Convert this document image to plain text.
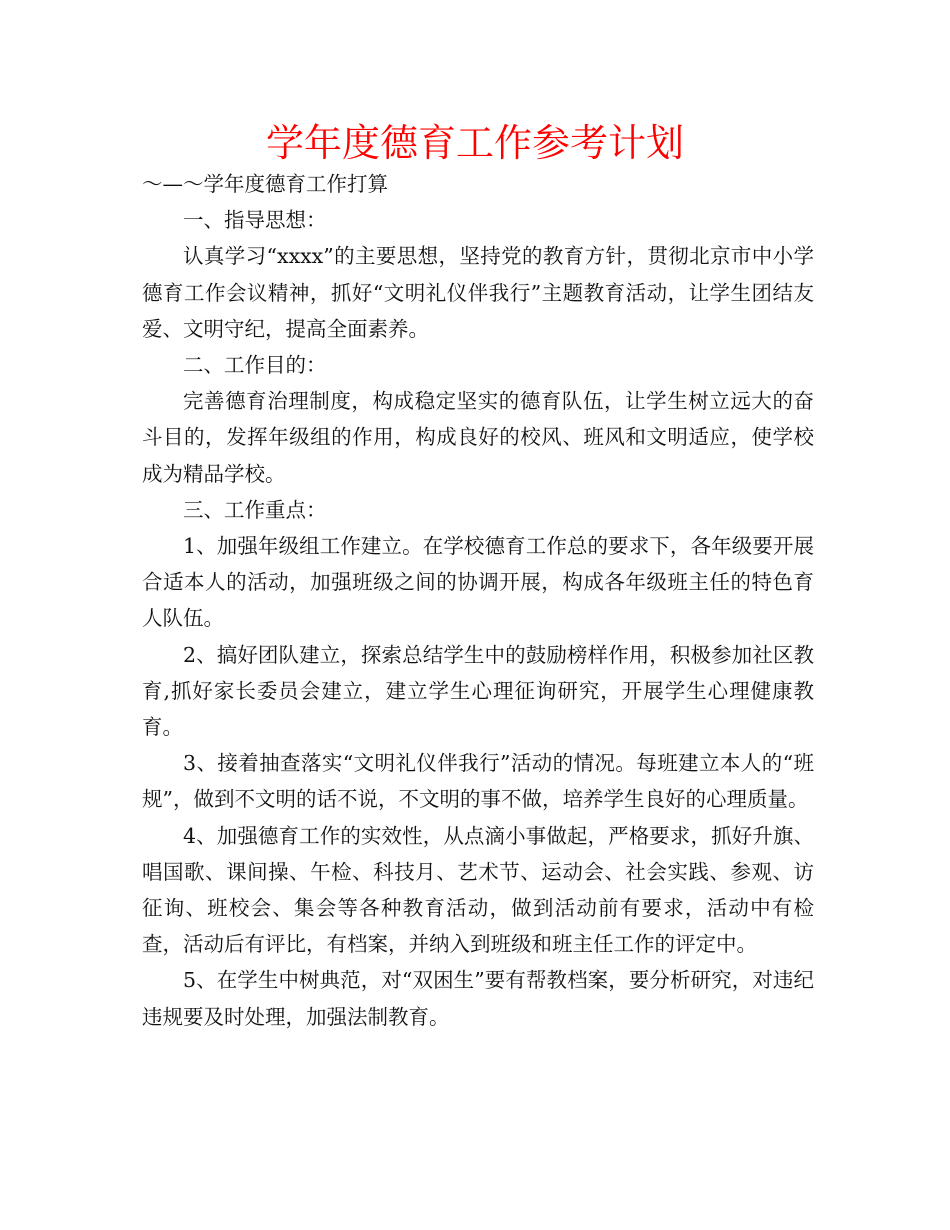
学年度德育工作参考计划

～—～学年度德育工作打算

一、指导思想：

认真学习“xxxx”的主要思想，坚持党的教育方针，贯彻北京市中小学德育工作会议精神，抓好“文明礼仪伴我行”主题教育活动，让学生团结友爱、文明守纪，提高全面素养。

二、工作目的：

完善德育治理制度，构成稳定坚实的德育队伍，让学生树立远大的奋斗目的，发挥年级组的作用，构成良好的校风、班风和文明适应，使学校成为精品学校。

三、工作重点：

1、加强年级组工作建立。在学校德育工作总的要求下，各年级要开展合适本人的活动，加强班级之间的协调开展，构成各年级班主任的特色育人队伍。

2、搞好团队建立，探索总结学生中的鼓励榜样作用，积极参加社区教育,抓好家长委员会建立，建立学生心理征询研究，开展学生心理健康教育。

3、接着抽查落实“文明礼仪伴我行”活动的情况。每班建立本人的“班规”，做到不文明的话不说，不文明的事不做，培养学生良好的心理质量。

4、加强德育工作的实效性，从点滴小事做起，严格要求，抓好升旗、唱国歌、课间操、午检、科技月、艺术节、运动会、社会实践、参观、访征询、班校会、集会等各种教育活动，做到活动前有要求，活动中有检查，活动后有评比，有档案，并纳入到班级和班主任工作的评定中。

5、在学生中树典范，对“双困生”要有帮教档案，要分析研究，对违纪违规要及时处理，加强法制教育。
